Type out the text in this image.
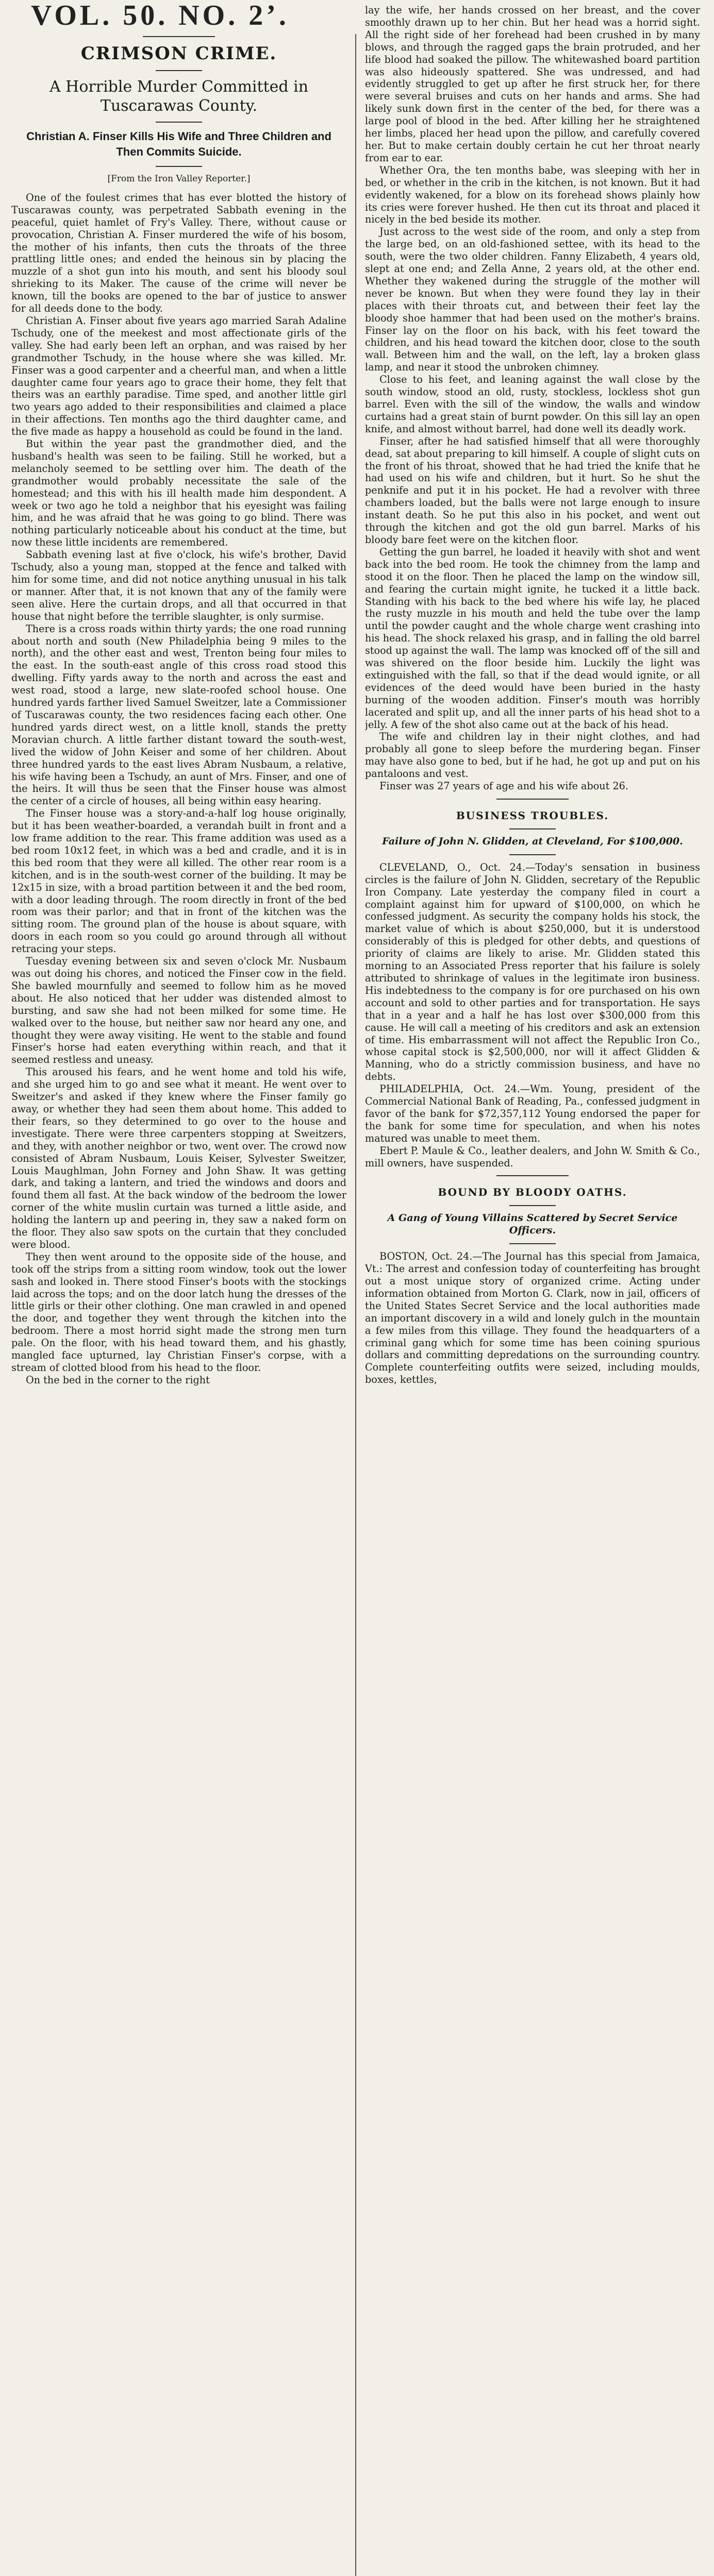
VOL. 50. NO. 2’.
CRIMSON CRIME.
A Horrible Murder Committed in Tuscarawas County.
Christian A. Finser Kills His Wife and Three Children and Then Commits Suicide.
[From the Iron Valley Reporter.]

One of the foulest crimes that has ever blotted the history of Tuscarawas county, was perpetrated Sabbath evening in the peaceful, quiet hamlet of Fry's Valley. There, without cause or provocation, Christian A. Finser murdered the wife of his bosom, the mother of his infants, then cuts the throats of the three prattling little ones; and ended the heinous sin by placing the muzzle of a shot gun into his mouth, and sent his bloody soul shrieking to its Maker. The cause of the crime will never be known, till the books are opened to the bar of justice to answer for all deeds done to the body.

Christian A. Finser about five years ago married Sarah Adaline Tschudy, one of the meekest and most affectionate girls of the valley. She had early been left an orphan, and was raised by her grandmother Tschudy, in the house where she was killed. Mr. Finser was a good carpenter and a cheerful man, and when a little daughter came four years ago to grace their home, they felt that theirs was an earthly paradise. Time sped, and another little girl two years ago added to their responsibilities and claimed a place in their affections. Ten months ago the third daughter came, and the five made as happy a household as could be found in the land.

But within the year past the grandmother died, and the husband's health was seen to be failing. Still he worked, but a melancholy seemed to be settling over him. The death of the grandmother would probably necessitate the sale of the homestead; and this with his ill health made him despondent. A week or two ago he told a neighbor that his eyesight was failing him, and he was afraid that he was going to go blind. There was nothing particularly noticeable about his conduct at the time, but now these little incidents are remembered.

Sabbath evening last at five o'clock, his wife's brother, David Tschudy, also a young man, stopped at the fence and talked with him for some time, and did not notice anything unusual in his talk or manner. After that, it is not known that any of the family were seen alive. Here the curtain drops, and all that occurred in that house that night before the terrible slaughter, is only surmise.

There is a cross roads within thirty yards; the one road running about north and south (New Philadelphia being 9 miles to the north), and the other east and west, Trenton being four miles to the east. In the south-east angle of this cross road stood this dwelling. Fifty yards away to the north and across the east and west road, stood a large, new slate-roofed school house. One hundred yards farther lived Samuel Sweitzer, late a Commissioner of Tuscarawas county, the two residences facing each other. One hundred yards direct west, on a little knoll, stands the pretty Moravian church. A little farther distant toward the south-west, lived the widow of John Keiser and some of her children. About three hundred yards to the east lives Abram Nusbaum, a relative, his wife having been a Tschudy, an aunt of Mrs. Finser, and one of the heirs. It will thus be seen that the Finser house was almost the center of a circle of houses, all being within easy hearing.

The Finser house was a story-and-a-half log house originally, but it has been weather-boarded, a verandah built in front and a low frame addition to the rear. This frame addition was used as a bed room 10x12 feet, in which was a bed and cradle, and it is in this bed room that they were all killed. The other rear room is a kitchen, and is in the south-west corner of the building. It may be 12x15 in size, with a broad partition between it and the bed room, with a door leading through. The room directly in front of the bed room was their parlor; and that in front of the kitchen was the sitting room. The ground plan of the house is about square, with doors in each room so you could go around through all without retracing your steps.

Tuesday evening between six and seven o'clock Mr. Nusbaum was out doing his chores, and noticed the Finser cow in the field. She bawled mournfully and seemed to follow him as he moved about. He also noticed that her udder was distended almost to bursting, and saw she had not been milked for some time. He walked over to the house, but neither saw nor heard any one, and thought they were away visiting. He went to the stable and found Finser's horse had eaten everything within reach, and that it seemed restless and uneasy.

This aroused his fears, and he went home and told his wife, and she urged him to go and see what it meant. He went over to Sweitzer's and asked if they knew where the Finser family go away, or whether they had seen them about home. This added to their fears, so they determined to go over to the house and investigate. There were three carpenters stopping at Sweitzers, and they, with another neighbor or two, went over. The crowd now consisted of Abram Nusbaum, Louis Keiser, Sylvester Sweitzer, Louis Maughlman, John Forney and John Shaw. It was getting dark, and taking a lantern, and tried the windows and doors and found them all fast. At the back window of the bedroom the lower corner of the white muslin curtain was turned a little aside, and holding the lantern up and peering in, they saw a naked form on the floor. They also saw spots on the curtain that they concluded were blood.

They then went around to the opposite side of the house, and took off the strips from a sitting room window, took out the lower sash and looked in. There stood Finser's boots with the stockings laid across the tops; and on the door latch hung the dresses of the little girls or their other clothing. One man crawled in and opened the door, and together they went through the kitchen into the bedroom. There a most horrid sight made the strong men turn pale. On the floor, with his head toward them, and his ghastly, mangled face upturned, lay Christian Finser's corpse, with a stream of clotted blood from his head to the floor.

On the bed in the corner to the right

lay the wife, her hands crossed on her breast, and the cover smoothly drawn up to her chin. But her head was a horrid sight. All the right side of her forehead had been crushed in by many blows, and through the ragged gaps the brain protruded, and her life blood had soaked the pillow. The whitewashed board partition was also hideously spattered. She was undressed, and had evidently struggled to get up after he first struck her, for there were several bruises and cuts on her hands and arms. She had likely sunk down first in the center of the bed, for there was a large pool of blood in the bed. After killing her he straightened her limbs, placed her head upon the pillow, and carefully covered her. But to make certain doubly certain he cut her throat nearly from ear to ear.

Whether Ora, the ten months babe, was sleeping with her in bed, or whether in the crib in the kitchen, is not known. But it had evidently wakened, for a blow on its forehead shows plainly how its cries were forever hushed. He then cut its throat and placed it nicely in the bed beside its mother.

Just across to the west side of the room, and only a step from the large bed, on an old-fashioned settee, with its head to the south, were the two older children. Fanny Elizabeth, 4 years old, slept at one end; and Zella Anne, 2 years old, at the other end. Whether they wakened during the struggle of the mother will never be known. But when they were found they lay in their places with their throats cut, and between their feet lay the bloody shoe hammer that had been used on the mother's brains. Finser lay on the floor on his back, with his feet toward the children, and his head toward the kitchen door, close to the south wall. Between him and the wall, on the left, lay a broken glass lamp, and near it stood the unbroken chimney.

Close to his feet, and leaning against the wall close by the south window, stood an old, rusty, stockless, lockless shot gun barrel. Even with the sill of the window, the walls and window curtains had a great stain of burnt powder. On this sill lay an open knife, and almost without barrel, had done well its deadly work.

Finser, after he had satisfied himself that all were thoroughly dead, sat about preparing to kill himself. A couple of slight cuts on the front of his throat, showed that he had tried the knife that he had used on his wife and children, but it hurt. So he shut the penknife and put it in his pocket. He had a revolver with three chambers loaded, but the balls were not large enough to insure instant death. So he put this also in his pocket, and went out through the kitchen and got the old gun barrel. Marks of his bloody bare feet were on the kitchen floor.

Getting the gun barrel, he loaded it heavily with shot and went back into the bed room. He took the chimney from the lamp and stood it on the floor. Then he placed the lamp on the window sill, and fearing the curtain might ignite, he tucked it a little back. Standing with his back to the bed where his wife lay, he placed the rusty muzzle in his mouth and held the tube over the lamp until the powder caught and the whole charge went crashing into his head. The shock relaxed his grasp, and in falling the old barrel stood up against the wall. The lamp was knocked off of the sill and was shivered on the floor beside him. Luckily the light was extinguished with the fall, so that if the dead would ignite, or all evidences of the deed would have been buried in the hasty burning of the wooden addition. Finser's mouth was horribly lacerated and split up, and all the inner parts of his head shot to a jelly. A few of the shot also came out at the back of his head.

The wife and children lay in their night clothes, and had probably all gone to sleep before the murdering began. Finser may have also gone to bed, but if he had, he got up and put on his pantaloons and vest.

Finser was 27 years of age and his wife about 26.

BUSINESS TROUBLES.
Failure of John N. Glidden, at Cleveland, For $100,000.

CLEVELAND, O., Oct. 24.—Today's sensation in business circles is the failure of John N. Glidden, secretary of the Republic Iron Company. Late yesterday the company filed in court a complaint against him for upward of $100,000, on which he confessed judgment. As security the company holds his stock, the market value of which is about $250,000, but it is understood considerably of this is pledged for other debts, and questions of priority of claims are likely to arise. Mr. Glidden stated this morning to an Associated Press reporter that his failure is solely attributed to shrinkage of values in the legitimate iron business. His indebtedness to the company is for ore purchased on his own account and sold to other parties and for transportation. He says that in a year and a half he has lost over $300,000 from this cause. He will call a meeting of his creditors and ask an extension of time. His embarrassment will not affect the Republic Iron Co., whose capital stock is $2,500,000, nor will it affect Glidden & Manning, who do a strictly commission business, and have no debts.

PHILADELPHIA, Oct. 24.—Wm. Young, president of the Commercial National Bank of Reading, Pa., confessed judgment in favor of the bank for $72,357,112 Young endorsed the paper for the bank for some time for speculation, and when his notes matured was unable to meet them.

Ebert P. Maule & Co., leather dealers, and John W. Smith & Co., mill owners, have suspended.

BOUND BY BLOODY OATHS.
A Gang of Young Villains Scattered by Secret Service Officers.

BOSTON, Oct. 24.—The Journal has this special from Jamaica, Vt.: The arrest and confession today of counterfeiting has brought out a most unique story of organized crime. Acting under information obtained from Morton G. Clark, now in jail, officers of the United States Secret Service and the local authorities made an important discovery in a wild and lonely gulch in the mountain a few miles from this village. They found the headquarters of a criminal gang which for some time has been coining spurious dollars and committing depredations on the surrounding country. Complete counterfeiting outfits were seized, including moulds, boxes, kettles,
